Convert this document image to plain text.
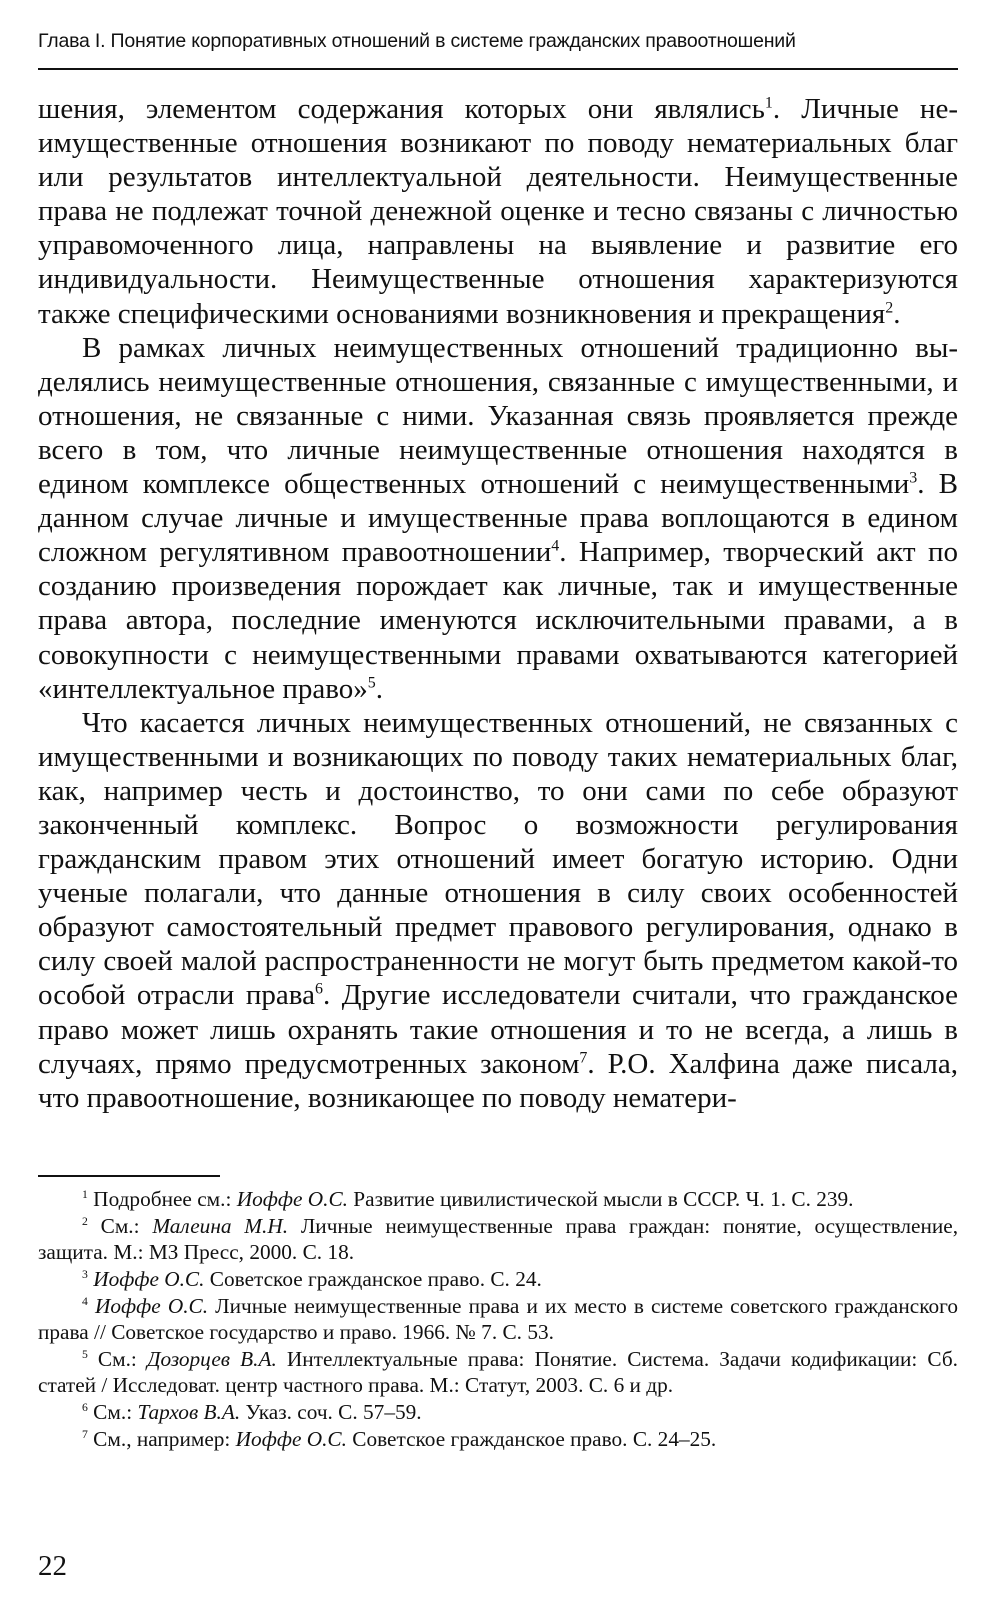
Глава I. Понятие корпоративных отношений в системе гражданских правоотношений

шения, элементом содержания которых они являлись$^1$. Личные неимущественные отношения возникают по поводу нематериальных благ или результатов интеллектуальной деятельности. Неимущественные права не подлежат точной денежной оценке и тесно связаны с личностью управомоченного лица, направлены на выявление и развитие его индивидуальности. Неимущественные отношения характеризуются также специфическими основаниями возникновения и прекращения$^2$.

В рамках личных неимущественных отношений традиционно выделялись неимущественные отношения, связанные с имущественными, и отношения, не связанные с ними. Указанная связь проявляется прежде всего в том, что личные неимущественные отношения находятся в едином комплексе общественных отношений с неимущественными$^3$. В данном случае личные и имущественные права воплощаются в едином сложном регулятивном правоотношении$^4$. Например, творческий акт по созданию произведения порождает как личные, так и имущественные права автора, последние именуются исключительными правами, а в совокупности с неимущественными правами охватываются категорией «интеллектуальное право»$^5$.

Что касается личных неимущественных отношений, не связанных с имущественными и возникающих по поводу таких нематериальных благ, как, например честь и достоинство, то они сами по себе образуют законченный комплекс. Вопрос о возможности регулирования гражданским правом этих отношений имеет богатую историю. Одни ученые полагали, что данные отношения в силу своих особенностей образуют самостоятельный предмет правового регулирования, однако в силу своей малой распространенности не могут быть предметом какой-то особой отрасли права$^6$. Другие исследователи считали, что гражданское право может лишь охранять такие отношения и то не всегда, а лишь в случаях, прямо предусмотренных законом$^7$. Р.О. Халфина даже писала, что правоотношение, возникающее по поводу нематери-

$^1$ Подробнее см.: Иоффе О.С. Развитие цивилистической мысли в СССР. Ч. 1. С. 239.

$^2$ См.: Малеина М.Н. Личные неимущественные права граждан: понятие, осуществление, защита. М.: МЗ Пресс, 2000. С. 18.

$^3$ Иоффе О.С. Советское гражданское право. С. 24.

$^4$ Иоффе О.С. Личные неимущественные права и их место в системе советского гражданского права // Советское государство и право. 1966. № 7. С. 53.

$^5$ См.: Дозорцев В.А. Интеллектуальные права: Понятие. Система. Задачи кодификации: Сб. статей / Исследоват. центр частного права. М.: Статут, 2003. С. 6 и др.

$^6$ См.: Тархов В.А. Указ. соч. С. 57–59.

$^7$ См., например: Иоффе О.С. Советское гражданское право. С. 24–25.

22
